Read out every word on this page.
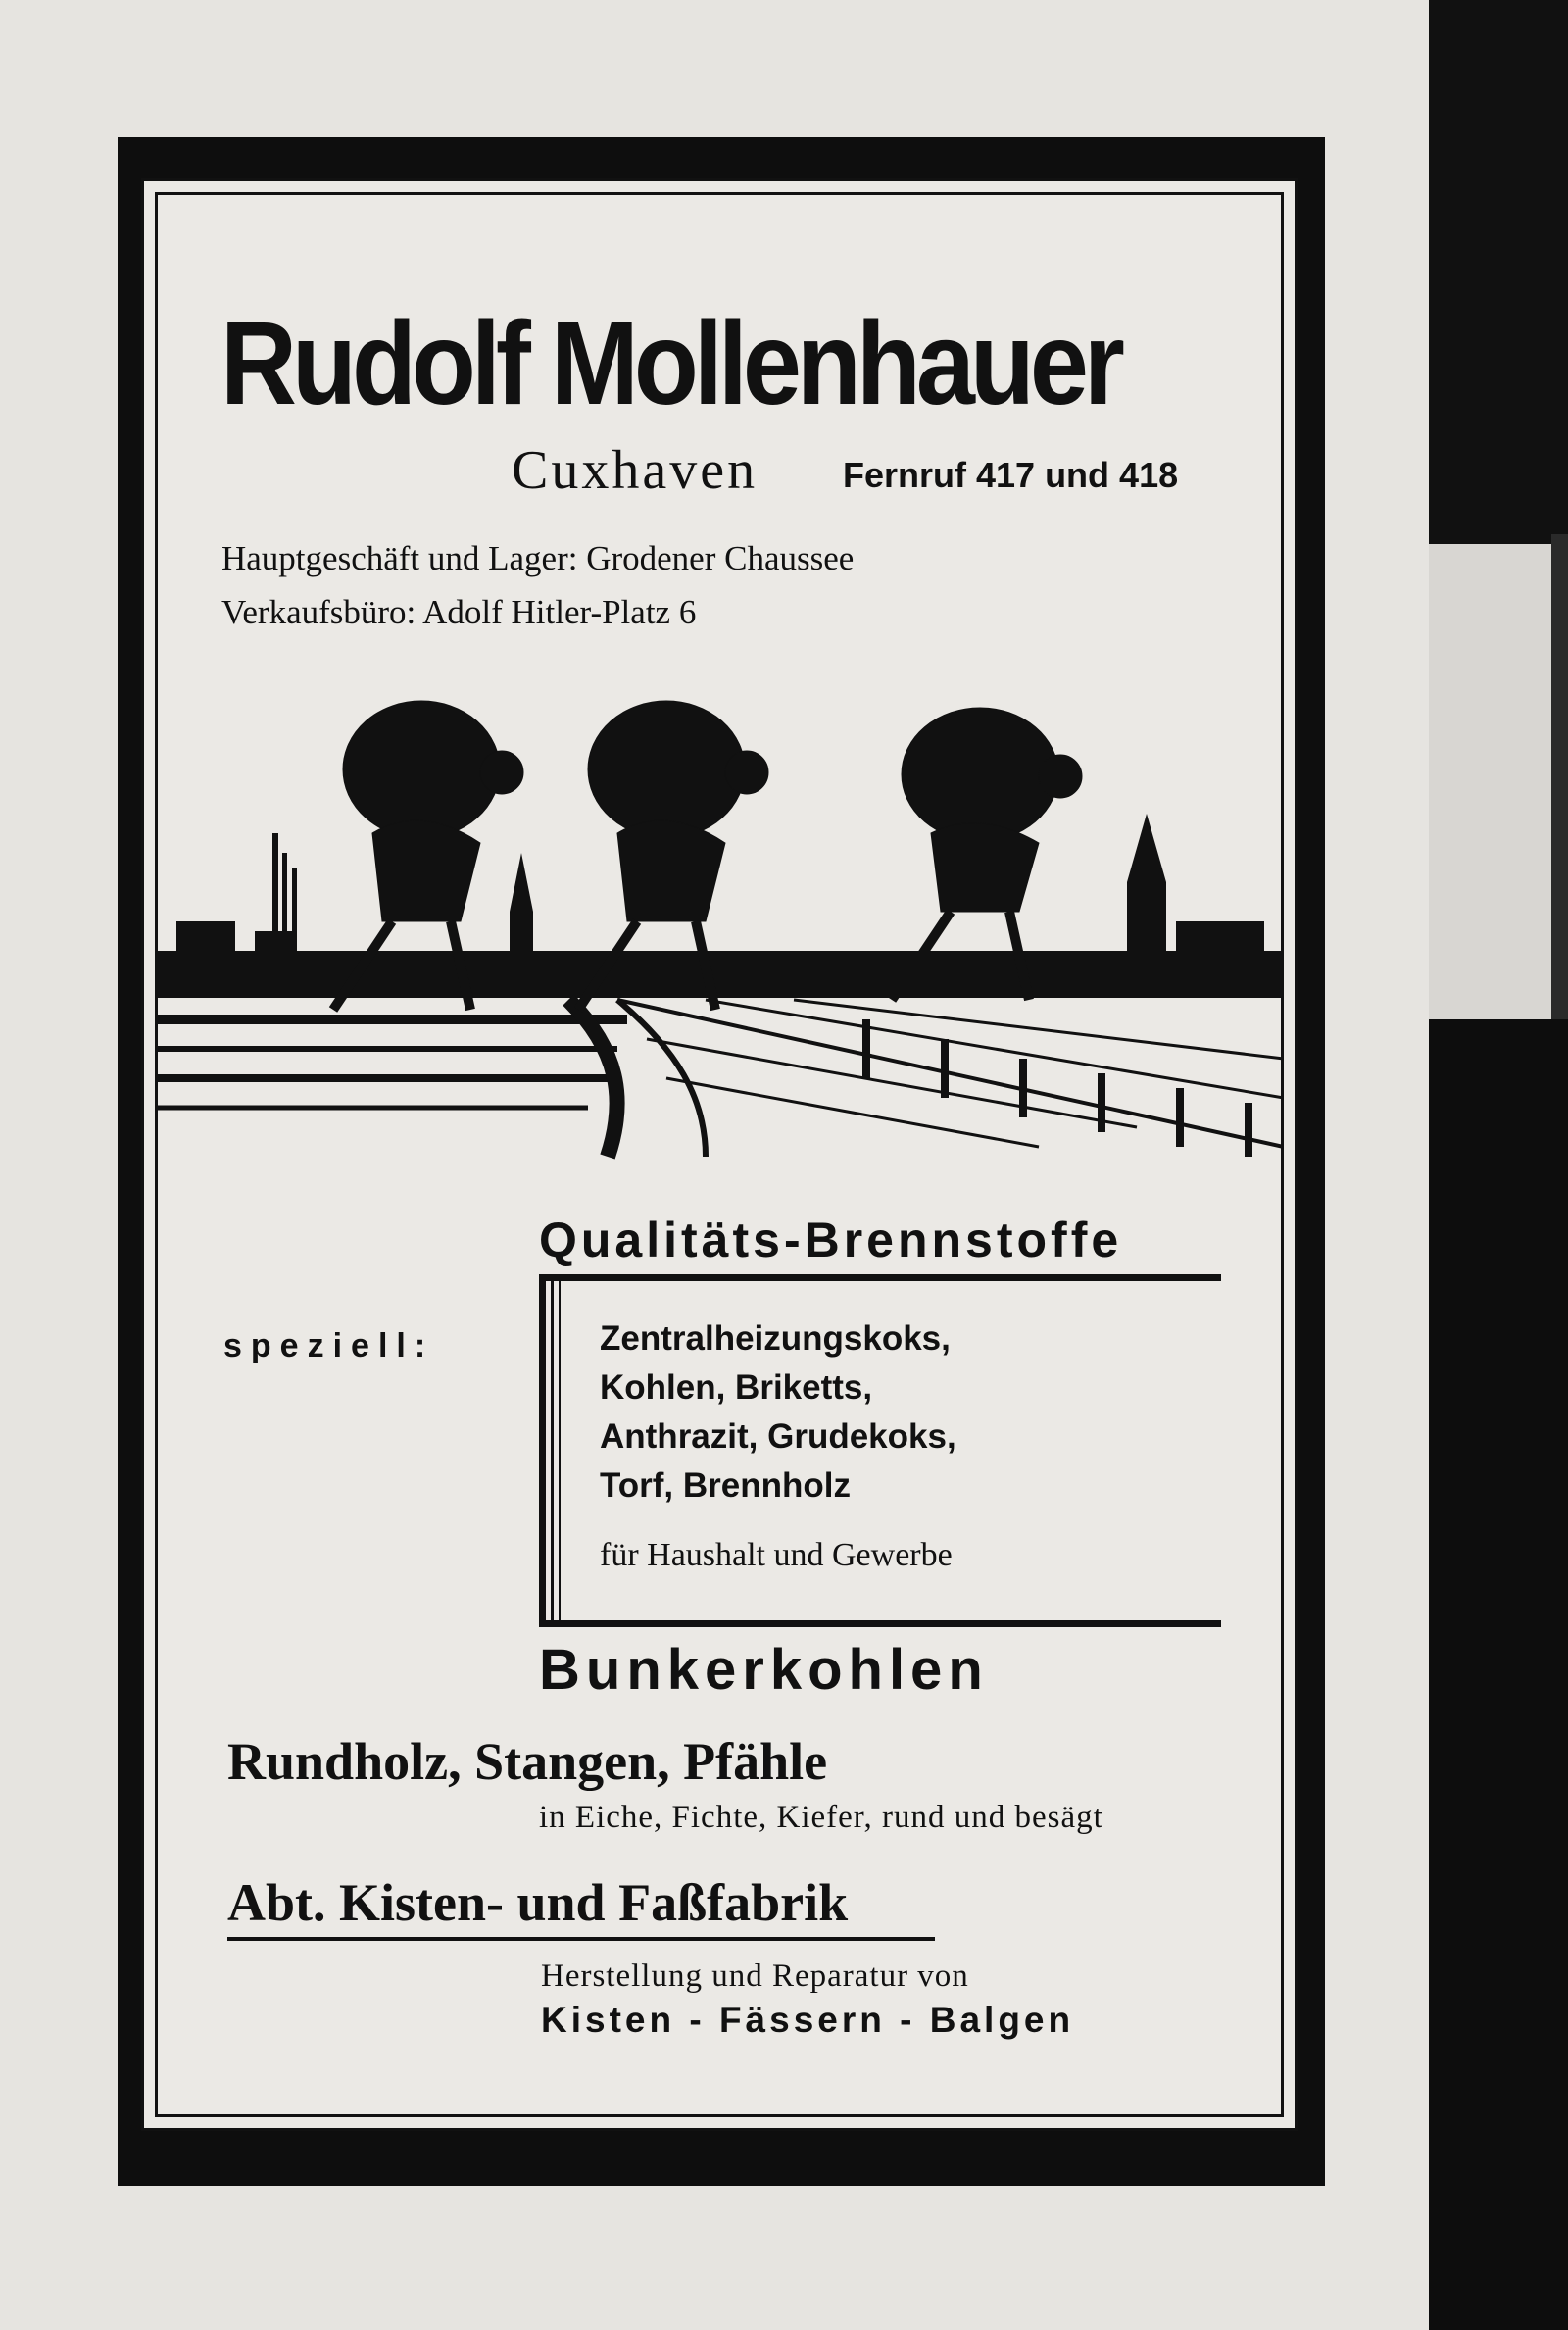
Rudolf Mollenhauer

Cuxhaven Fernruf 417 und 418

Hauptgeschäft und Lager: Grodener Chaussee

Verkaufsbüro: Adolf Hitler-Platz 6

Qualitäts-Brennstoffe

speziell:	Zentralheizungskoks,

Kohlen, Briketts,

Anthrazit, Grudekoks,

Torf, Brennholz

für Haushalt und Gewerbe

Bunkerkohlen

Rundholz, Stangen, Pfähle

in Eiche, Fichte, Kiefer, rund und besägt

Abt. Kisten- und Faßfabrik

Herstellung und Reparatur von

Kisten - Fässern - Balgen
